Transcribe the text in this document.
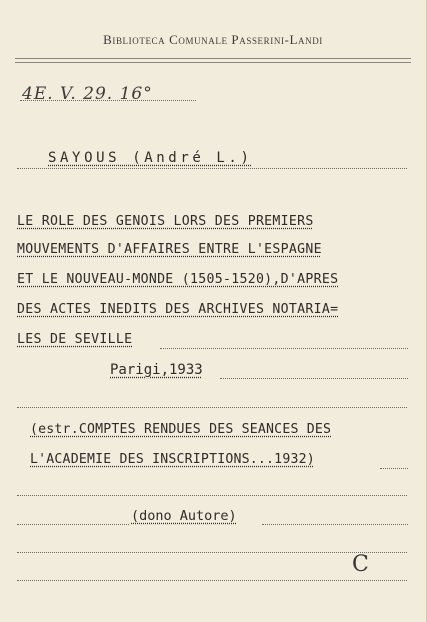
Biblioteca Comunale Passerini-Landi
4E. V. 29. 16°
SAYOUS (André L.)
LE ROLE DES GENOIS LORS DES PREMIERS
MOUVEMENTS D'AFFAIRES ENTRE L'ESPAGNE
ET LE NOUVEAU-MONDE (1505-1520),D'APRES
DES ACTES INEDITS DES ARCHIVES NOTARIA=
LES DE SEVILLE
Parigi,1933
(estr.COMPTES RENDUES DES SEANCES DES
L'ACADEMIE DES INSCRIPTIONS...1932)
(dono Autore)
C
